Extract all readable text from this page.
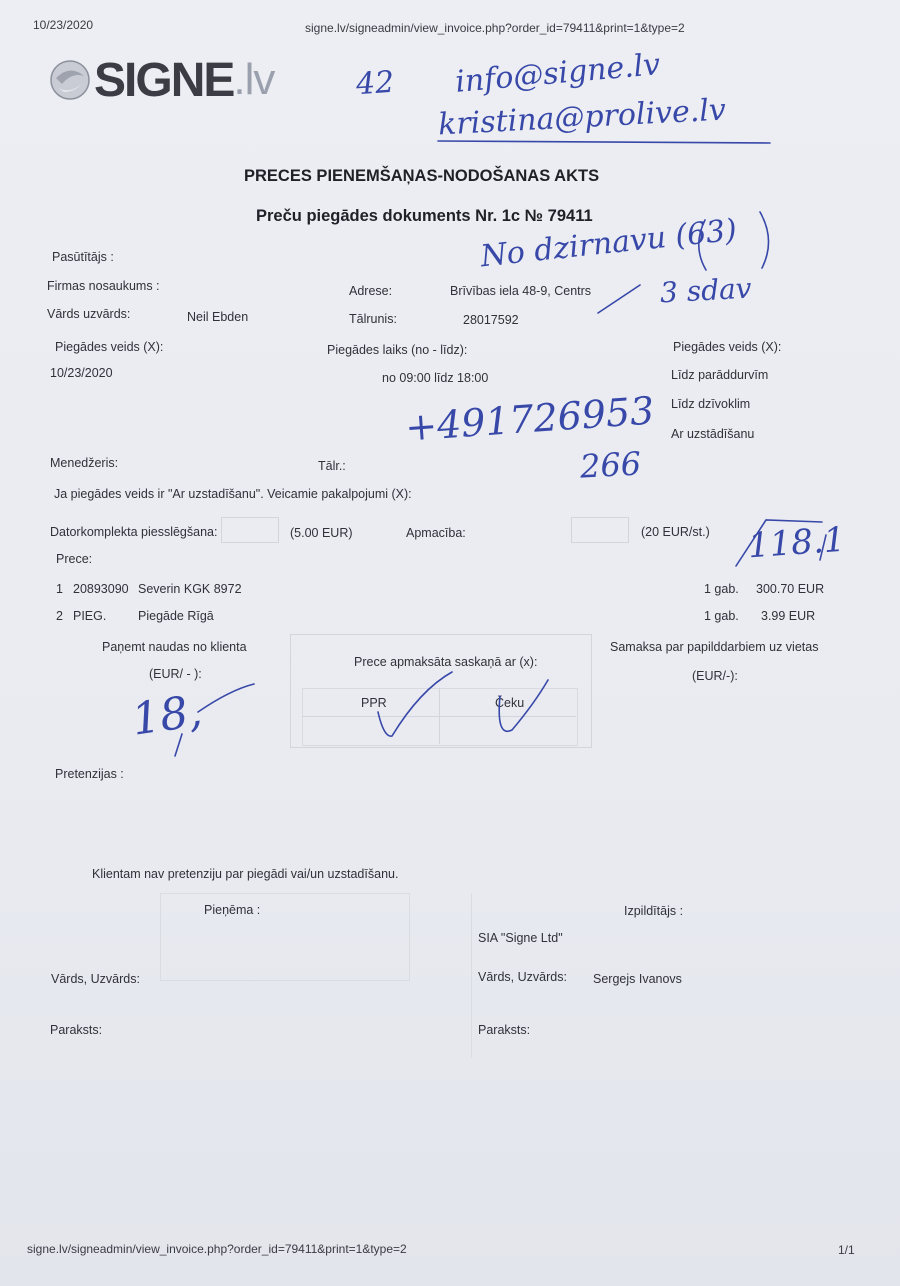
10/23/2020	signe.lv/signeadmin/view_invoice.php?order_id=79411&print=1&type=2
SIGNE .lv
PRECES PIENEMŠAŅAS-NODOŠANAS AKTS
Preču piegādes dokuments Nr. 1c № 79411
Pasūtītājs :
Firmas nosaukums :
Vārds uzvārds:	Neil Ebden
Adrese:	Brīvības iela 48-9, Centrs
Tālrunis:	28017592
Piegādes veids (X):
10/23/2020
Piegādes laiks (no - līdz):
no 09:00 līdz 18:00
Piegādes veids (X):
Līdz parāddurvīm
Līdz dzīvoklim
Ar uzstādīšanu
Menedžeris:	Tālr.:
Ja piegādes veids ir "Ar uzstadīšanu". Veicamie pakalpojumi (X):
Datorkomplekta piesslēgšana:	(5.00 EUR)	Apmacība:	(20 EUR/st.)
Prece:
1 20893090 Severin KGK 8972	1 gab. 300.70 EUR
2 PIEG.	Piegāde Rīgā	1 gab. 3.99 EUR
Paņemt naudas no klienta
(EUR/ - ):
Prece apmaksāta saskaņā ar (x):
PPR	Čeku
Samaksa par papilddarbiem uz vietas
(EUR/-):
Pretenzijas :
Klientam nav pretenziju par piegādi vai/un uzstadīšanu.
Pieņēma :	Izpildītājs :
SIA "Signe Ltd"
Vārds, Uzvārds:	Vārds, Uzvārds: Sergejs Ivanovs
Paraksts:	Paraksts:
signe.lv/signeadmin/view_invoice.php?order_id=79411&print=1&type=2	1/1
42 info@signe.lv
kristina@prolive.lv
No dzirnavu (63)
3 sdav
+491726953
266
118.1
18,
